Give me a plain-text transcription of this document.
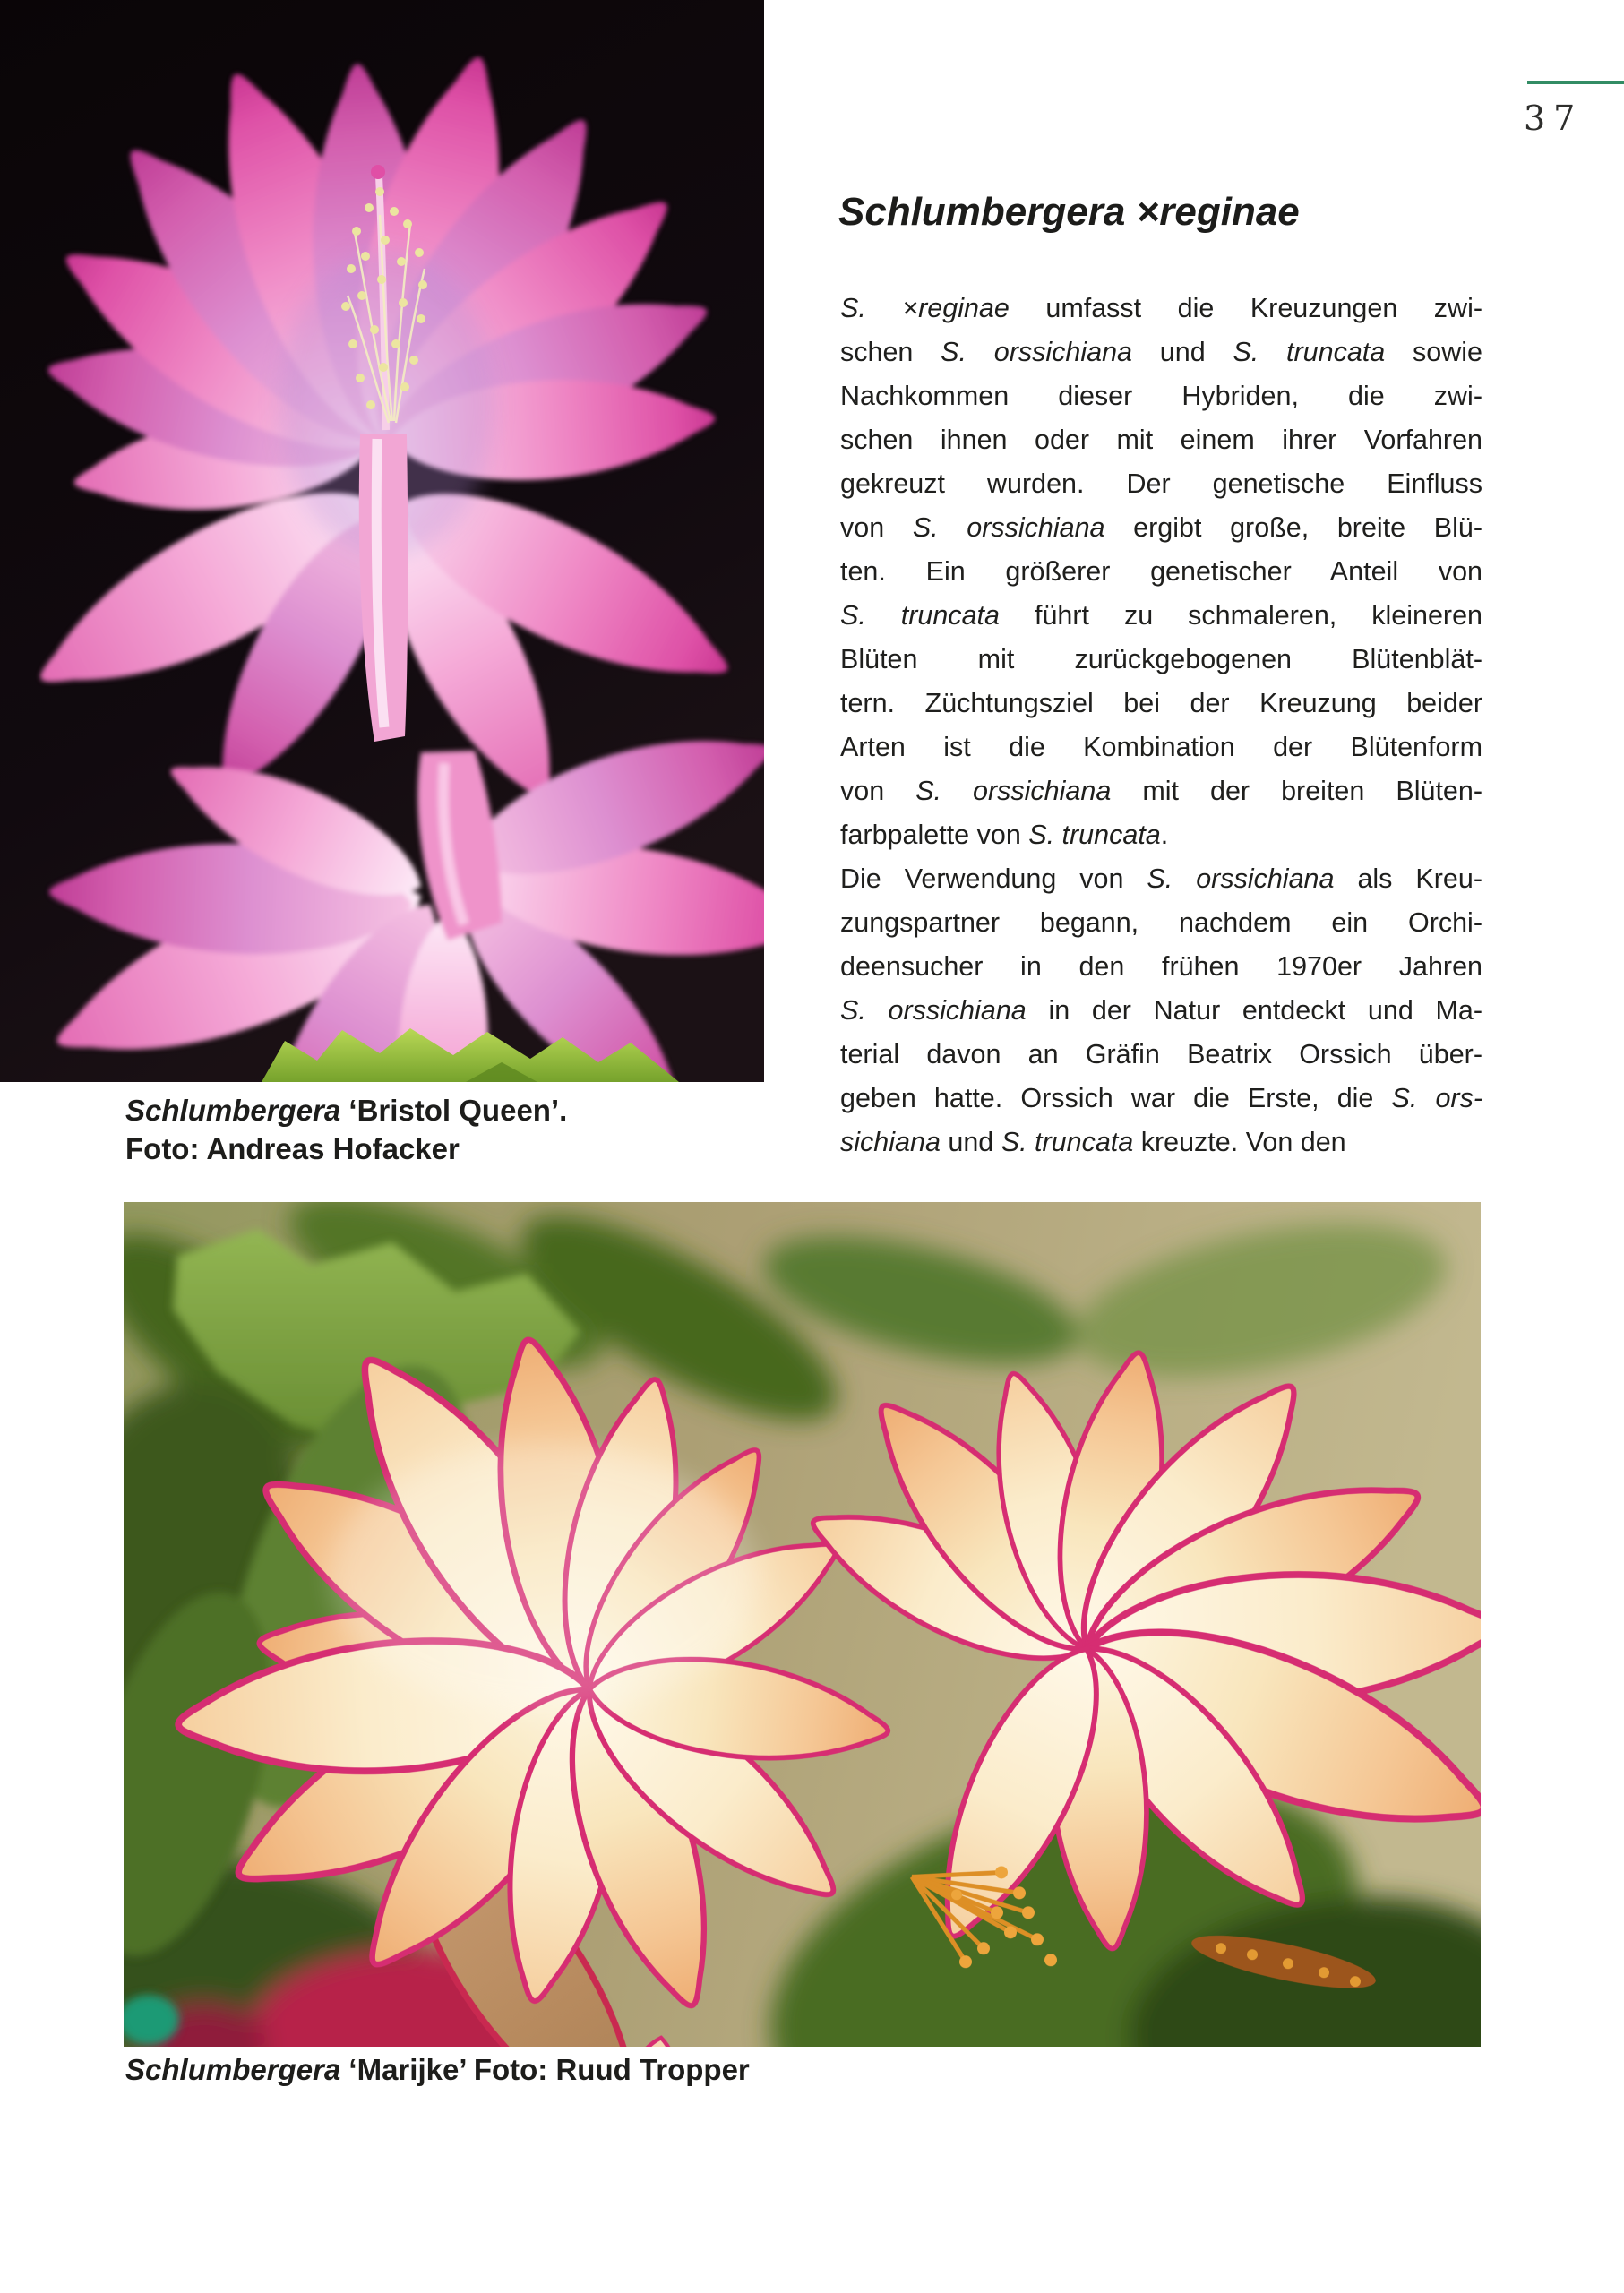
37
Schlumbergera ‘Bristol Queen’.
Foto: Andreas Hofacker
Schlumbergera ×reginae
S. ×reginae umfasst die Kreuzungen zwi-
schen S. orssichiana und S. truncata sowie
Nachkommen dieser Hybriden, die zwi-
schen ihnen oder mit einem ihrer Vorfahren
gekreuzt wurden. Der genetische Einfluss
von S. orssichiana ergibt große, breite Blü-
ten. Ein größerer genetischer Anteil von
S. truncata führt zu schmaleren, kleineren
Blüten mit zurückgebogenen Blütenblät-
tern. Züchtungsziel bei der Kreuzung beider
Arten ist die Kombination der Blütenform
von S. orssichiana mit der breiten Blüten-
farbpalette von S. truncata.
Die Verwendung von S. orssichiana als Kreu-
zungspartner begann, nachdem ein Orchi-
deensucher in den frühen 1970er Jahren
S. orssichiana in der Natur entdeckt und Ma-
terial davon an Gräfin Beatrix Orssich über-
geben hatte. Orssich war die Erste, die S. ors-
sichiana und S. truncata kreuzte. Von den
Schlumbergera ‘Marijke’ Foto: Ruud Tropper
